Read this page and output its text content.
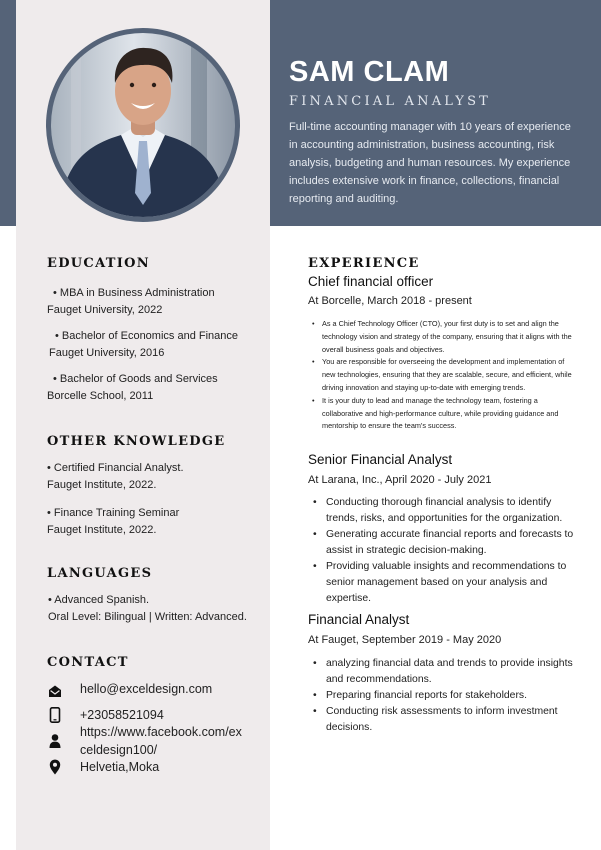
SAM CLAM
FINANCIAL ANALYST
Full-time accounting manager with 10 years of experience in accounting administration, business accounting, risk analysis, budgeting and human resources. My experience includes extensive work in finance, collections, financial reporting and auditing.
EDUCATION
• MBA in Business Administration
Fauget University, 2022
• Bachelor of Economics and Finance
Fauget University, 2016
• Bachelor of Goods and Services
Borcelle School, 2011
OTHER KNOWLEDGE
• Certified Financial Analyst.
Fauget Institute, 2022.
• Finance Training Seminar
Fauget Institute, 2022.
LANGUAGES
• Advanced Spanish.
Oral Level: Bilingual | Written: Advanced.
CONTACT
hello@exceldesign.com
+23058521094
https://www.facebook.com/ex
celdesign100/
Helvetia,Moka
EXPERIENCE
Chief financial officer
At Borcelle, March 2018 - present
• As a Chief Technology Officer (CTO), your first duty is to set and align the technology vision and strategy of the company, ensuring that it aligns with the overall business goals and objectives.
• You are responsible for overseeing the development and implementation of new technologies, ensuring that they are scalable, secure, and efficient, while driving innovation and staying up-to-date with emerging trends.
• It is your duty to lead and manage the technology team, fostering a collaborative and high-performance culture, while providing guidance and mentorship to ensure the team's success.
Senior Financial Analyst
At Larana, Inc., April 2020 - July 2021
• Conducting thorough financial analysis to identify trends, risks, and opportunities for the organization.
• Generating accurate financial reports and forecasts to assist in strategic decision-making.
• Providing valuable insights and recommendations to senior management based on your analysis and expertise.
Financial Analyst
At Fauget, September 2019 - May 2020
• analyzing financial data and trends to provide insights and recommendations.
• Preparing financial reports for stakeholders.
• Conducting risk assessments to inform investment decisions.
